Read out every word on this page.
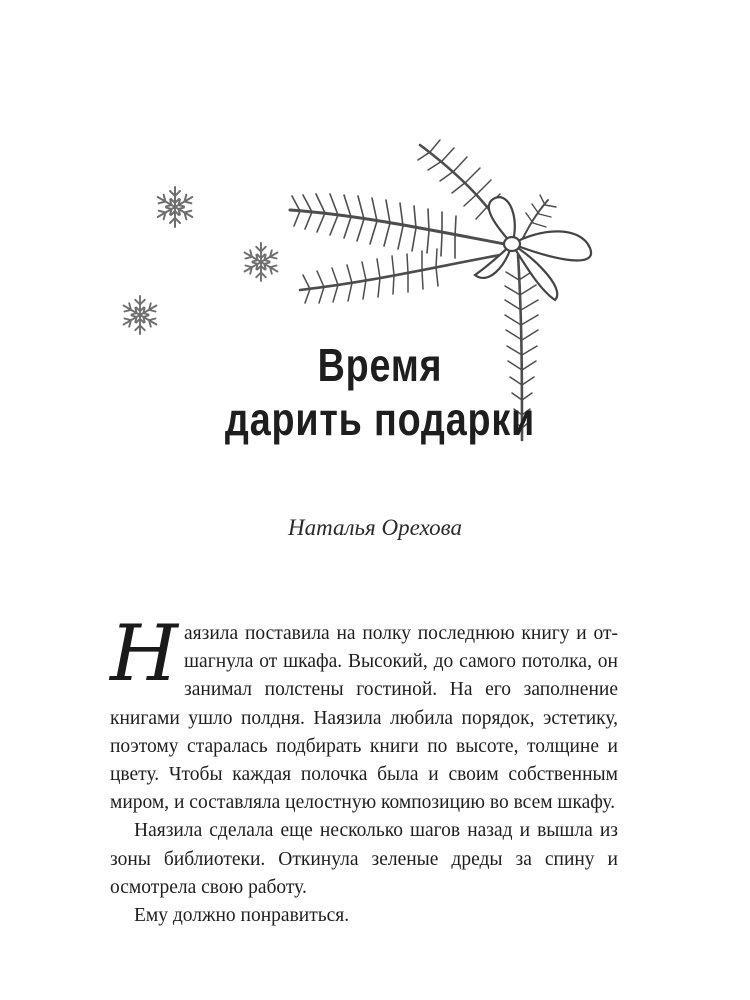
Время
дарить подарки
Наталья Орехова

Наязила поставила на полку последнюю книгу и отшагнула от шкафа. Высокий, до самого потолка, он занимал полстены гостиной. На его заполнение книгами ушло полдня. Наязила любила порядок, эстетику, поэтому старалась подбирать книги по высоте, толщине и цвету. Чтобы каждая полочка была и своим собственным миром, и составляла целостную композицию во всем шкафу.

Наязила сделала еще несколько шагов назад и вышла из зоны библиотеки. Откинула зеленые дреды за спину и осмотрела свою работу.

Ему должно понравиться.
